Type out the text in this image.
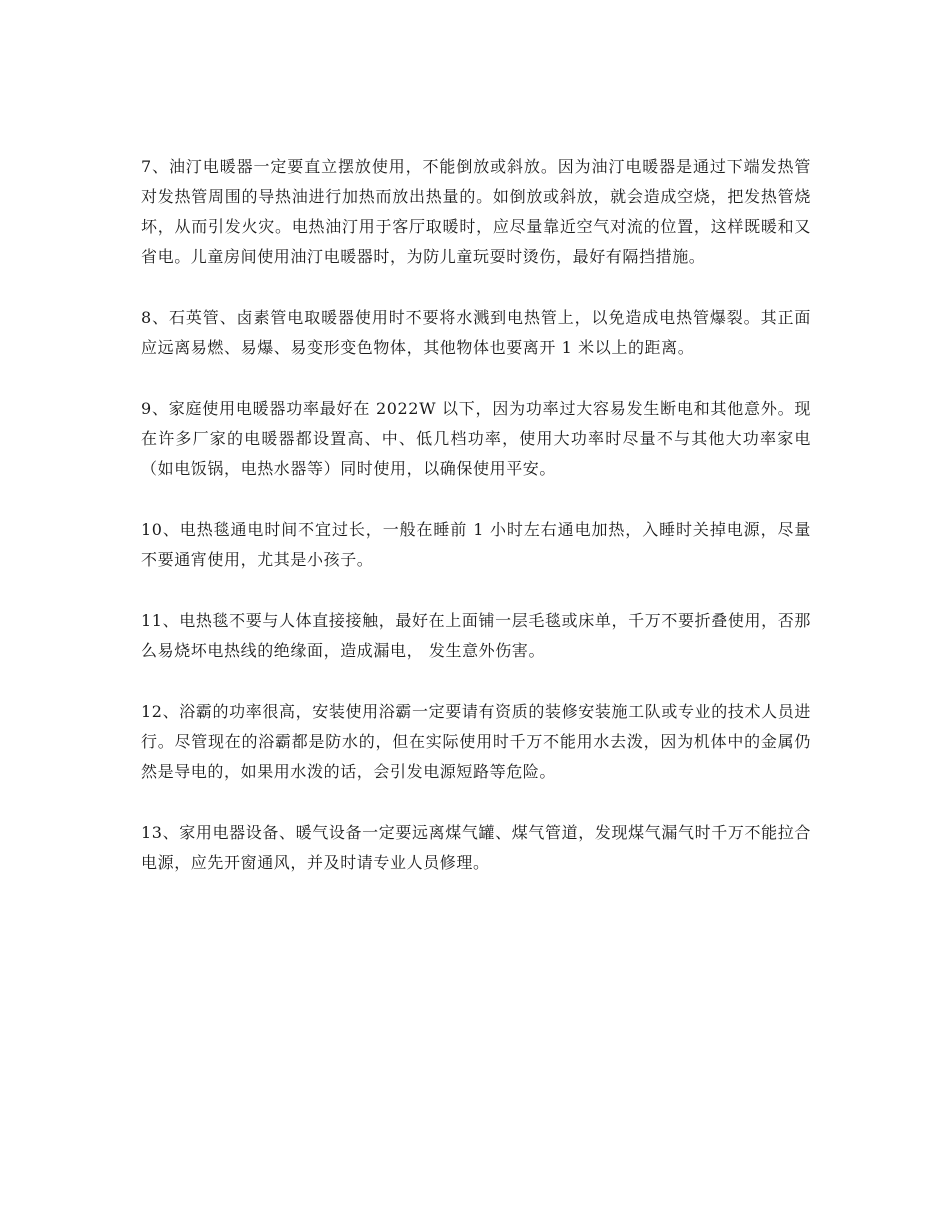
7、油汀电暖器一定要直立摆放使用，不能倒放或斜放。因为油汀电暖器是通过下端发热管对发热管周围的导热油进行加热而放出热量的。如倒放或斜放，就会造成空烧，把发热管烧坏，从而引发火灾。电热油汀用于客厅取暖时，应尽量靠近空气对流的位置，这样既暖和又省电。儿童房间使用油汀电暖器时，为防儿童玩耍时烫伤，最好有隔挡措施。

8、石英管、卤素管电取暖器使用时不要将水溅到电热管上，以免造成电热管爆裂。其正面应远离易燃、易爆、易变形变色物体，其他物体也要离开 1 米以上的距离。

9、家庭使用电暖器功率最好在 2022W 以下，因为功率过大容易发生断电和其他意外。现在许多厂家的电暖器都设置高、中、低几档功率，使用大功率时尽量不与其他大功率家电（如电饭锅，电热水器等）同时使用，以确保使用平安。

10、电热毯通电时间不宜过长，一般在睡前 1 小时左右通电加热，入睡时关掉电源，尽量不要通宵使用，尤其是小孩子。

11、电热毯不要与人体直接接触，最好在上面铺一层毛毯或床单，千万不要折叠使用，否那么易烧坏电热线的绝缘面，造成漏电， 发生意外伤害。

12、浴霸的功率很高，安装使用浴霸一定要请有资质的装修安装施工队或专业的技术人员进行。尽管现在的浴霸都是防水的，但在实际使用时千万不能用水去泼，因为机体中的金属仍然是导电的，如果用水泼的话，会引发电源短路等危险。

13、家用电器设备、暖气设备一定要远离煤气罐、煤气管道，发现煤气漏气时千万不能拉合电源，应先开窗通风，并及时请专业人员修理。
